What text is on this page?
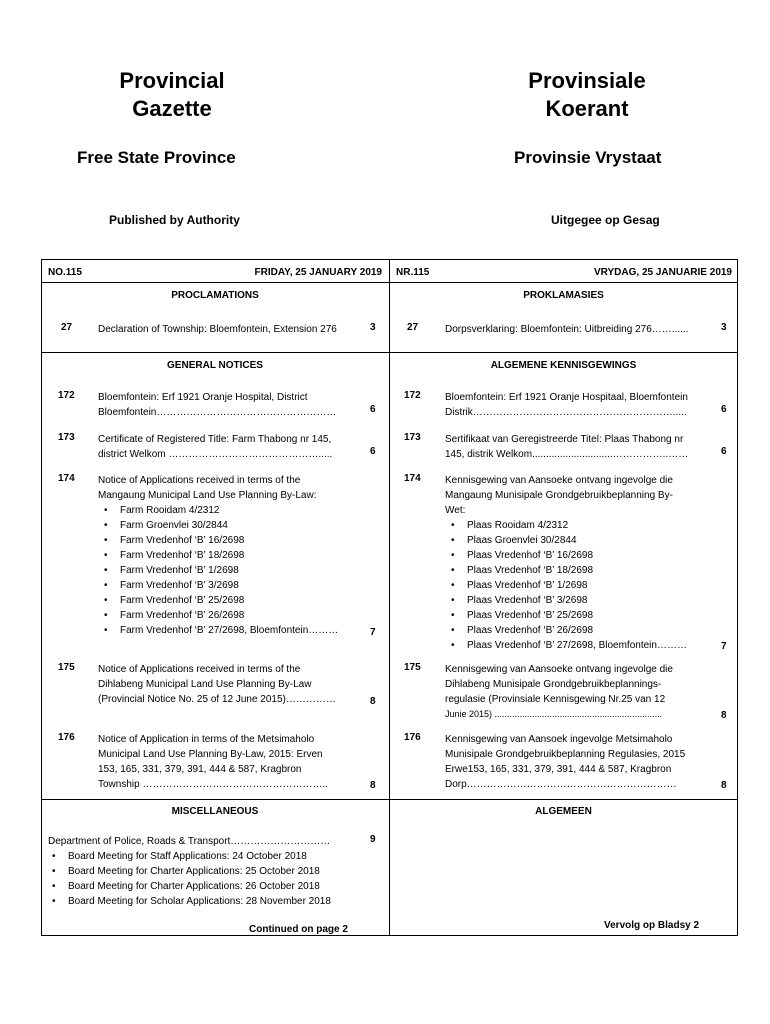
Provincial
Gazette
Provinsiale
Koerant
Free State Province	Provinsie Vrystaat
Published by Authority	Uitgegee op Gesag
NO.115	FRIDAY, 25 JANUARY 2019 NR.115	VRYDAG, 25 JANUARIE 2019
PROCLAMATIONS	PROKLAMASIES
27	Declaration of Township: Bloemfontein, Extension 276	3	27	Dorpsverklaring: Bloemfontein: Uitbreiding 276……......	3
GENERAL NOTICES	ALGEMENE KENNISGEWINGS
172 Bloemfontein: Erf 1921 Oranje Hospital, District
Bloemfontein………………………………………………	6
173 Certificate of Registered Title: Farm Thabong nr 145,
district Welkom ……………………………………….....	6
174 Notice of Applications received in terms of the
Mangaung Municipal Land Use Planning By-Law:
• Farm Rooidam 4/2312
• Farm Groenvlei 30/2844
• Farm Vredenhof ‘B’ 16/2698
• Farm Vredenhof ‘B’ 18/2698
• Farm Vredenhof ‘B’ 1/2698
• Farm Vredenhof ‘B’ 3/2698
• Farm Vredenhof ‘B’ 25/2698
• Farm Vredenhof ‘B’ 26/2698
• Farm Vredenhof ‘B’ 27/2698, Bloemfontein………	7
175 Notice of Applications received in terms of the
Dihlabeng Municipal Land Use Planning By-Law
(Provincial Notice No. 25 of 12 June 2015)……………	8
176 Notice of Application in terms of the Metsimaholo
Municipal Land Use Planning By-Law, 2015: Erven
153, 165, 331, 379, 391, 444 & 587, Kragbron
Township ………………………………………………..	8
172 Bloemfontein: Erf 1921 Oranje Hospitaal, Bloemfontein
Distrik…………………………………………………….....	6
173 Sertifikaat van Geregistreerde Titel: Plaas Thabong nr
145, distrik Welkom.............................……………..……	6
174 Kennisgewing van Aansoeke ontvang ingevolge die
Mangaung Munisipale Grondgebruikbeplanning By-
Wet:
• Plaas Rooidam 4/2312
• Plaas Groenvlei 30/2844
• Plaas Vredenhof ‘B’ 16/2698
• Plaas Vredenhof ‘B’ 18/2698
• Plaas Vredenhof ‘B’ 1/2698
• Plaas Vredenhof ‘B’ 3/2698
• Plaas Vredenhof ‘B’ 25/2698
• Plaas Vredenhof ‘B’ 26/2698
• Plaas Vredenhof ‘B’ 27/2698, Bloemfontein………	7
175 Kennisgewing van Aansoeke ontvang ingevolge die
Dihlabeng Munisipale Grondgebruikbeplannings-
regulasie (Provinsiale Kennisgewing Nr.25 van 12
Junie 2015) ...................................................................	8
176 Kennisgewing van Aansoek ingevolge Metsimaholo
Munisipale Grondgebruikbeplanning Regulasies, 2015
Erwe153, 165, 331, 379, 391, 444 & 587, Kragbron
Dorp………………………………………………………	8
MISCELLANEOUS	ALGEMEEN
Department of Police, Roads & Transport…………………………	9
• Board Meeting for Staff Applications: 24 October 2018
• Board Meeting for Charter Applications: 25 October 2018
• Board Meeting for Charter Applications: 26 October 2018
• Board Meeting for Scholar Applications: 28 November 2018
Continued on page 2	Vervolg op Bladsy 2
